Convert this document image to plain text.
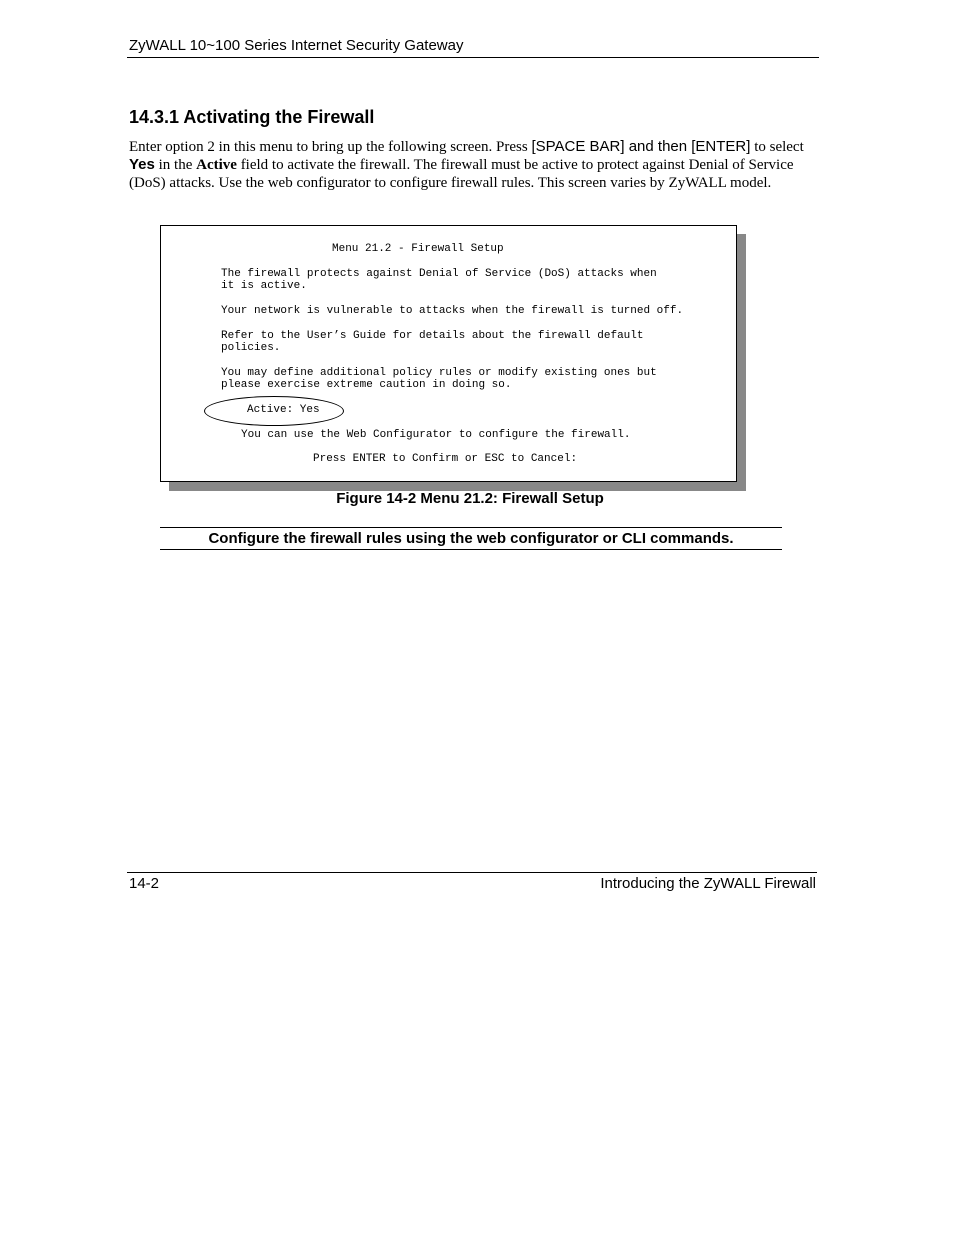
ZyWALL 10~100 Series Internet Security Gateway
14.3.1 Activating the Firewall

Enter option 2 in this menu to bring up the following screen. Press [SPACE BAR] and then [ENTER] to select Yes in the Active field to activate the firewall. The firewall must be active to protect against Denial of Service (DoS) attacks. Use the web configurator to configure firewall rules. This screen varies by ZyWALL model.

Menu 21.2 - Firewall Setup
The firewall protects against Denial of Service (DoS) attacks when
it is active.
Your network is vulnerable to attacks when the firewall is turned off.
Refer to the User’s Guide for details about the firewall default
policies.
You may define additional policy rules or modify existing ones but
please exercise extreme caution in doing so.
Active: Yes
You can use the Web Configurator to configure the firewall.
Press ENTER to Confirm or ESC to Cancel:
Figure 14-2 Menu 21.2: Firewall Setup
Configure the firewall rules using the web configurator or CLI commands.
14-2	Introducing the ZyWALL Firewall
